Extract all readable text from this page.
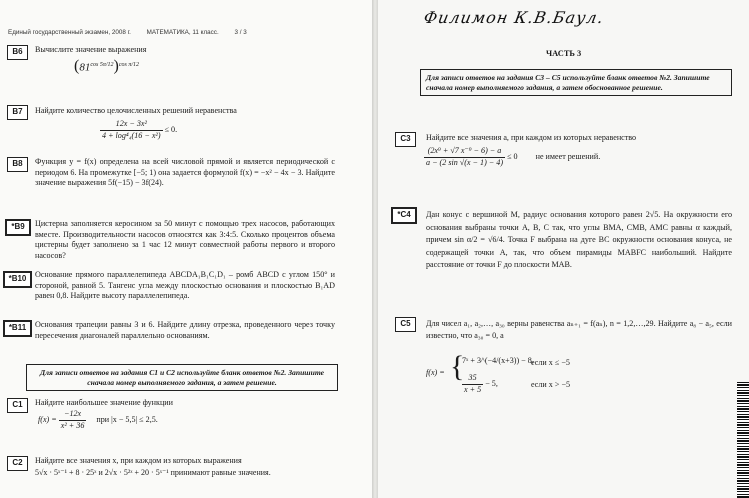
Единый государственный экзамен, 2008 г.	МАТЕМАТИКА, 11 класс.	3 / 3
B6	Вычислите значение выражения
$(81^{cos 5\pi/12})^{cos \pi/12}$
B7	Найдите количество целочисленных решений неравенства
$\frac{\text{12x − 3x²}}{\text{4 + log⁴₄(16 − x²)}} \le 0$.
B8	Функция y = f(x) определена на всей числовой прямой и является периодической с периодом 6. На промежутке [−5; 1) она задается формулой f(x) = −x² − 4x − 3. Найдите значение выражения 5f(−15) − 3f(24).
*B9	Цистерна заполняется керосином за 50 минут с помощью трех насосов, работающих вместе. Производительности насосов относятся как 3:4:5. Сколько процентов объема цистерны будет заполнено за 1 час 12 минут совместной работы первого и второго насосов?
*B10	Основание прямого параллелепипеда ABCDA₁B₁C₁D₁ – ромб ABCD с углом 150° и стороной, равной 5. Тангенс угла между плоскостью основания и плоскостью B₁AD равен 0,8. Найдите высоту параллелепипеда.
*B11	Основания трапеции равны 3 и 6. Найдите длину отрезка, проведенного через точку пересечения диагоналей параллельно основаниям.
Для записи ответов на задания С1 и С2 используйте бланк ответов №2. Запишите сначала номер выполняемого задания, а затем решение.
C1	Найдите наибольшее значение функции
$f(x) = \frac{-12x}{\text{x² + 36}}$ при |x − 5,5| ≤ 2,5.
C2	Найдите все значения x, при каждом из которых выражения
5√x · 5ˣ⁻¹ + 8 · 25ˣ и 2√x · 5²ˣ + 20 · 5ˣ⁻¹ принимают равные значения.
Филимон К.В.Баул.
ЧАСТЬ 3
Для записи ответов на задания С3 – С5 используйте бланк ответов №2. Запишите сначала номер выполняемого задания, а затем обоснованное решение.
C3	Найдите все значения a, при каждом из которых неравенство
$\frac{\text{(2x⁹ + √7 x⁻⁹ − 6) − a}}{a - (2 \sin √(x - 1) - 4)} \le 0$ не имеет решений.
*C4	Дан конус с вершиной M, радиус основания которого равен 2√5. На окружности его основания выбраны точки A, B, C так, что углы BMA, CMB, AMC равны α каждый, причем sin α/2 = √6/4. Точка F выбрана на дуге BC окружности основания конуса, не содержащей точки A, так, что объем пирамиды MABFC наибольший. Найдите расстояние от точки F до плоскости MAB.
C5	Для чисел a₁, a₂,…, a₃₀ верны равенства aₙ₊₁ = f(aₙ), n = 1,2,…,29. Найдите a₈ − a₅, если известно, что a₃₀ = 0, а
f(x) = {
7ˣ + 3^(−4/(x+3)) − 8,
если x ≤ −5
$\frac{35}{x + 5} - 5$,	если x > −5
